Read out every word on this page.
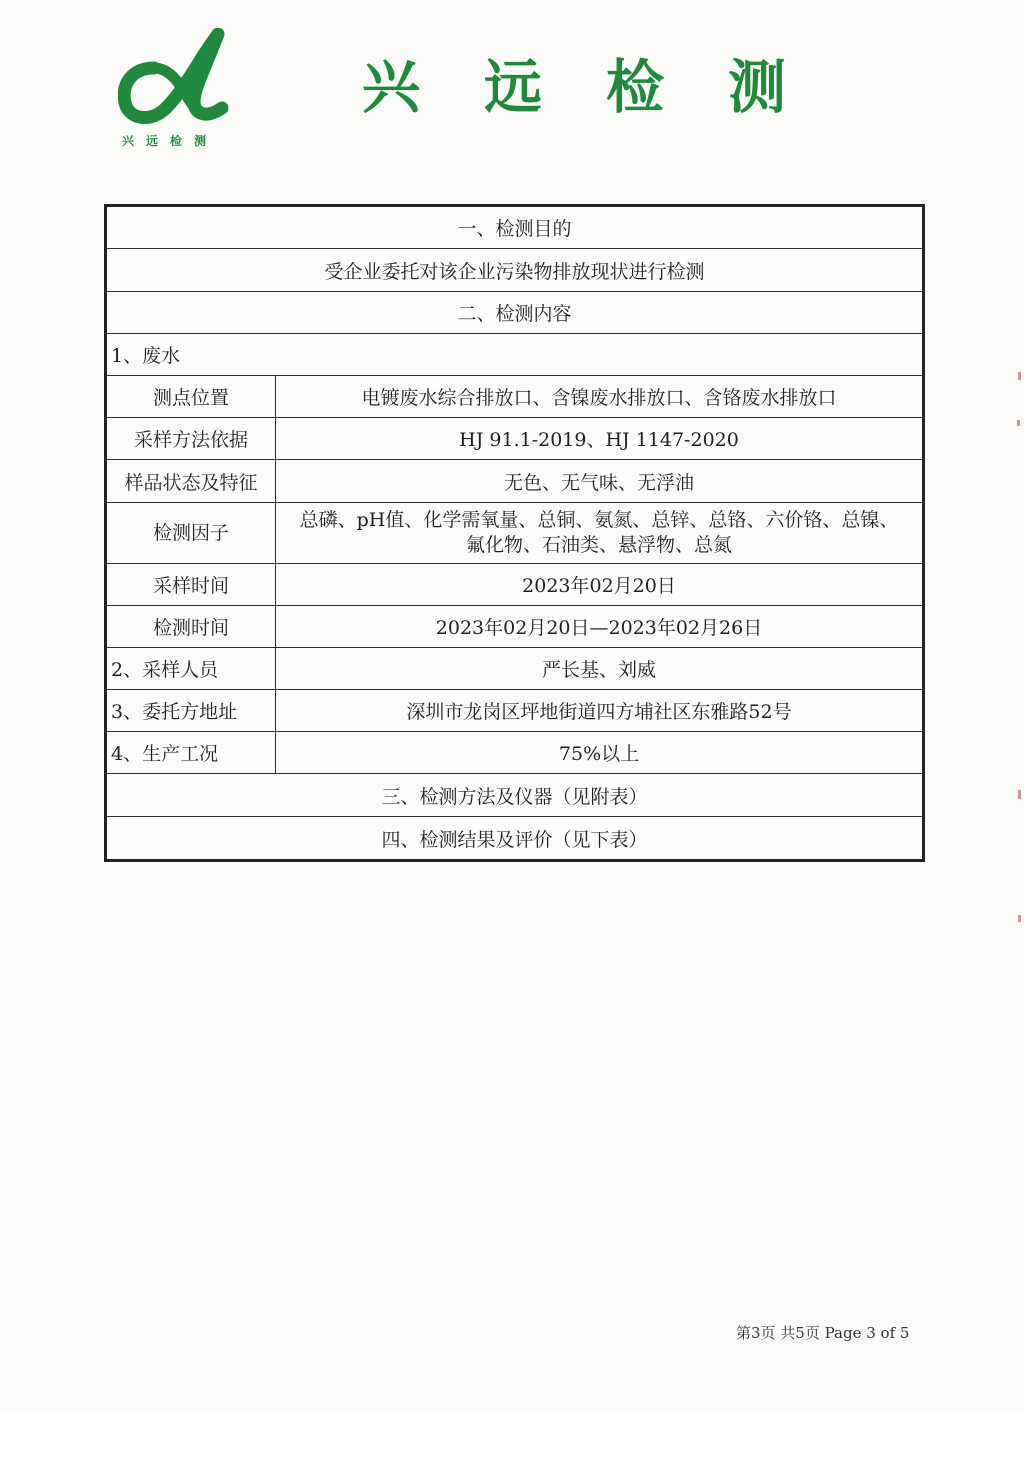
兴远检测
兴远检测
一、检测目的	
受企业委托对该企业污染物排放现状进行检测	
二、检测内容	
1、废水	
测点位置	电镀废水综合排放口、含镍废水排放口、含铬废水排放口
采样方法依据	HJ 91.1-2019、HJ 1147-2020
样品状态及特征	无色、无气味、无浮油
检测因子	总磷、pH值、化学需氧量、总铜、氨氮、总锌、总铬、六价铬、总镍、
氟化物、石油类、悬浮物、总氮

采样时间	2023年02月20日
检测时间	2023年02月20日—2023年02月26日
2、采样人员	严长基、刘威
3、委托方地址	深圳市龙岗区坪地街道四方埔社区东雅路52号
4、生产工况	75%以上
三、检测方法及仪器（见附表）	
四、检测结果及评价（见下表）	
第3页 共5页 Page 3 of 5
